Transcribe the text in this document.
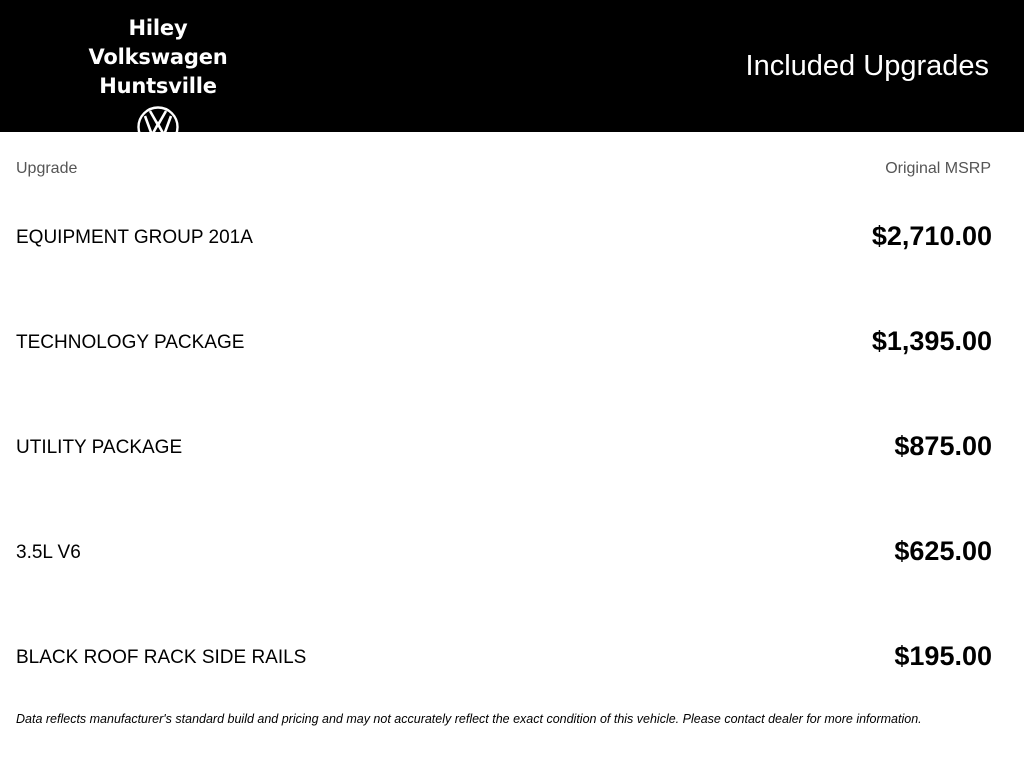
Hiley Volkswagen
Huntsville
Included Upgrades
Upgrade	Original MSRP
EQUIPMENT GROUP 201A	$2,710.00
TECHNOLOGY PACKAGE	$1,395.00
UTILITY PACKAGE	$875.00
3.5L V6	$625.00
BLACK ROOF RACK SIDE RAILS	$195.00
Data reflects manufacturer's standard build and pricing and may not accurately reflect the exact condition of this vehicle. Please contact dealer for more information.
